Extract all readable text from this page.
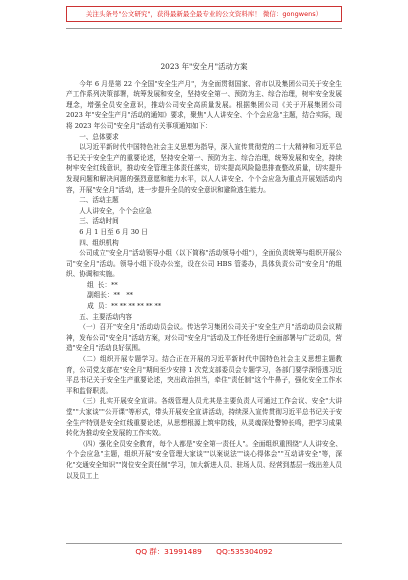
关注头条号"公文研究"，获得最新最全最专业的公文资料库！ 微信：gongwens）
2023 年"安全月"活动方案

今年 6 月是第 22 个全国"安全生产月"，为全面贯彻国家、省市以及集团公司关于安全生产工作系列决策部署，统筹发展和安全，坚持安全第一、预防为主、综合治理，树牢安全发展理念，增强全员安全意识，推动公司安全高质量发展。根据集团公司《关于开展集团公司 2023 年"安全生产月"活动的通知》要求，聚焦"人人讲安全、个个会应急"主题，结合实际，现将 2023 年公司"安全月"活动有关事项通知如下：

一、总体要求

以习近平新时代中国特色社会主义思想为指导，深入宣传贯彻党的二十大精神和习近平总书记关于安全生产的重要论述，坚持安全第一、预防为主、综合治理，统筹发展和安全，持续树牢安全红线意识，推动安全管理主体责任落实，切实提高风险隐患排查整改质量，切实提升发现问题和解决问题的强烈意愿和能力水平，以人人讲安全、个个会应急为重点开展划活动内容，开展"安全月"活动，进一步提升全员的安全意识和避险逃生能力。

二、活动主题

人人讲安全，个个会应急

三、活动时间

6 月 1 日至 6 月 30 日

四、组织机构

公司成立"安全月"活动领导小组（以下简称"活动领导小组"），全面负责统筹与组织开展公司"安全月"活动。领导小组下设办公室，设在公司 HBS 管委办，具体负责公司"安全月"的组织、协调和实施。

组  长：**

副组长：**   **

成  员：** ** ** ** ** **

五、主要活动内容

（一）召开"安全月"活动动员会议。传达学习集团公司关于"安全生产月"活动动员会议精神，发布公司"安全月"活动方案，对公司"安全月"活动及工作任务进行全面部署与广泛动员，营造"安全月"活动良好氛围。

（二）组织开展专题学习。结合正在开展的习近平新时代中国特色社会主义思想主题教育，公司党支部在"安全月"期间至少安排 1 次党支部委员会专题学习，各部门要学深悟透习近平总书记关于安全生产重要论述，突出政治担当，牵住"责任制"这个牛鼻子，强化安全工作水平和监督职责。

（三）扎实开展安全宣讲。各级管理人员尤其是主要负责人可通过工作会议、安全"大讲堂""大家谈""公开课"等形式，带头开展安全宣讲活动，持续深入宣传贯彻习近平总书记关于安全生产特别是安全红线重要论述，从思想根源上筑牢防线，从灵魂深处警钟长鸣，把学习成果转化为推动安全发展的工作实效。

（四）强化全员安全教育，每个人都是"安全第一责任人"。全面组织重围绕"人人讲安全、个个会应急"主题，组织开展"安全管理大家谈""以案说法""谈心得体会""互动讲安全"等，深化"交通安全知识""岗位安全责任制"学习，加大新进人员、驻场人员、经营到基层一线出差人员以及员工上

QQ 群：31991489 QQ:535304092
